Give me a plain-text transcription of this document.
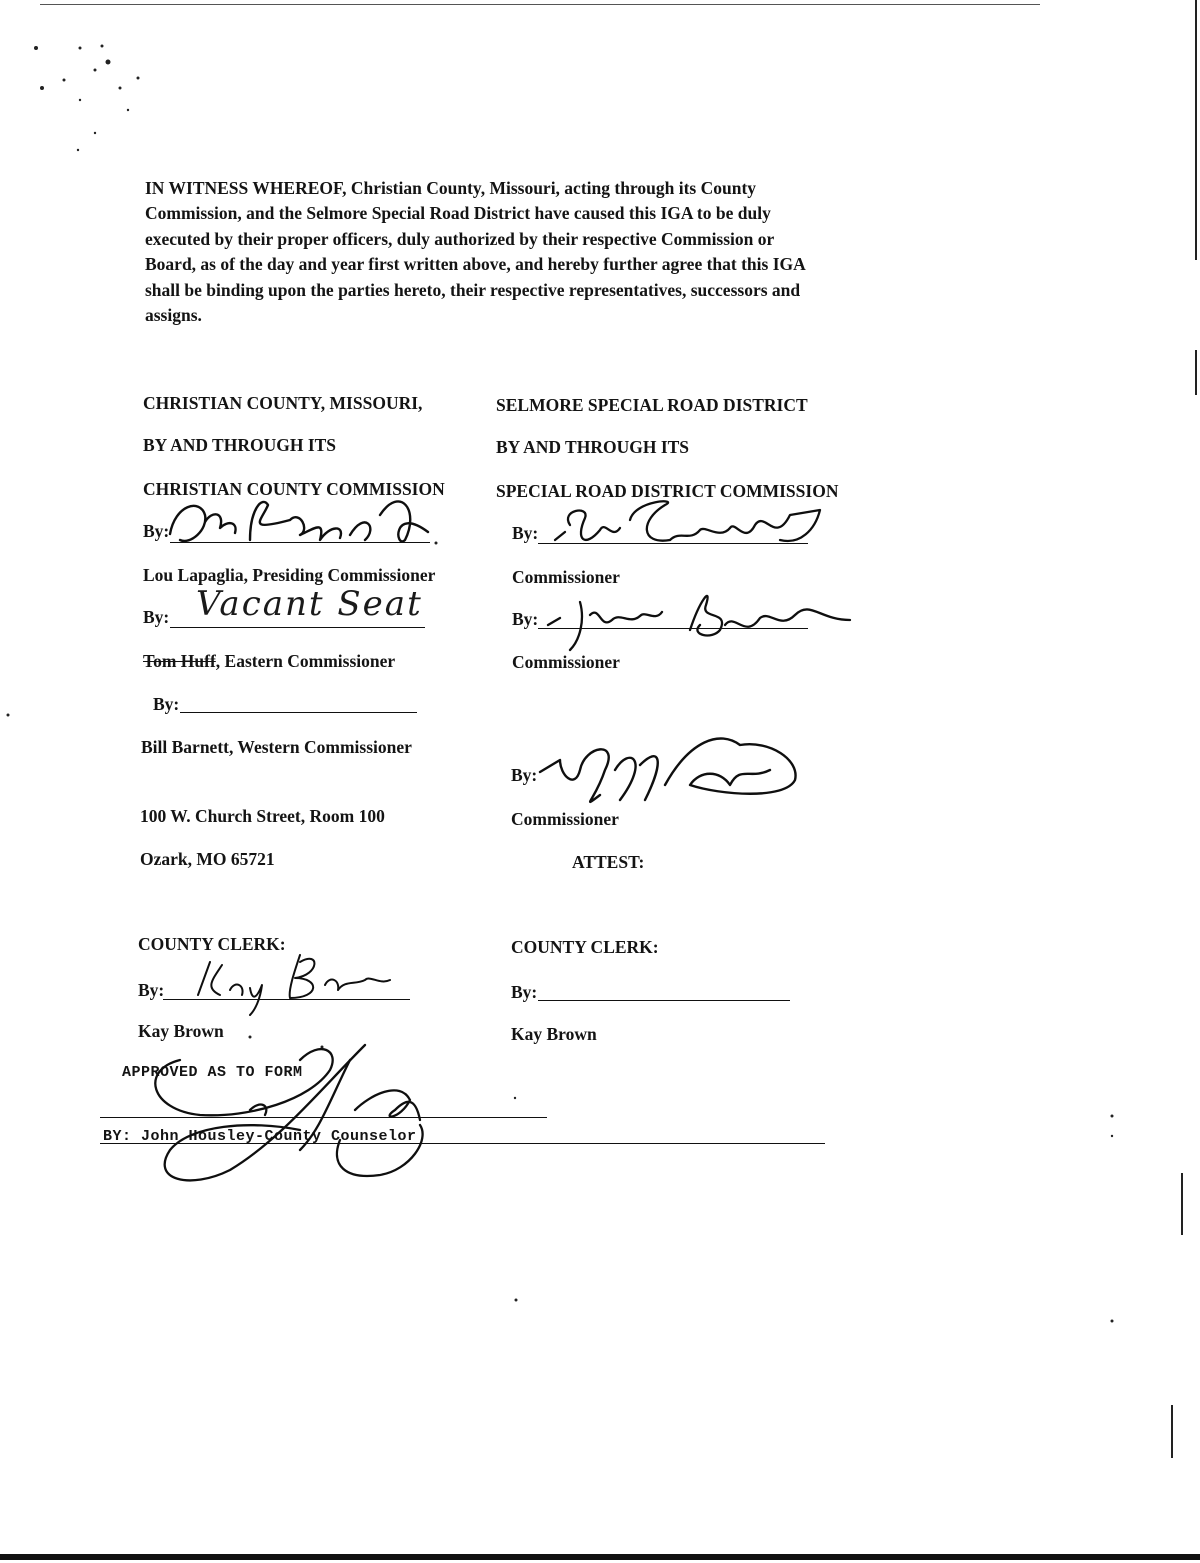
IN WITNESS WHEREOF, Christian County, Missouri, acting through its County Commission, and the Selmore Special Road District have caused this IGA to be duly executed by their proper officers, duly authorized by their respective Commission or Board, as of the day and year first written above, and hereby further agree that this IGA shall be binding upon the parties hereto, their respective representatives, successors and assigns.
CHRISTIAN COUNTY, MISSOURI,
BY AND THROUGH ITS
CHRISTIAN COUNTY COMMISSION
By:
Lou Lapaglia, Presiding Commissioner
By: Vacant Seat
Tom Huff, Eastern Commissioner
By:
Bill Barnett, Western Commissioner
100 W. Church Street, Room 100
Ozark, MO 65721
COUNTY CLERK:
By:
Kay Brown
SELMORE SPECIAL ROAD DISTRICT
BY AND THROUGH ITS
SPECIAL ROAD DISTRICT COMMISSION
By:
Commissioner
By:
Commissioner
By:
Commissioner
ATTEST:
COUNTY CLERK:
By:
Kay Brown
APPROVED AS TO FORM
BY: John Housley-County Counselor
